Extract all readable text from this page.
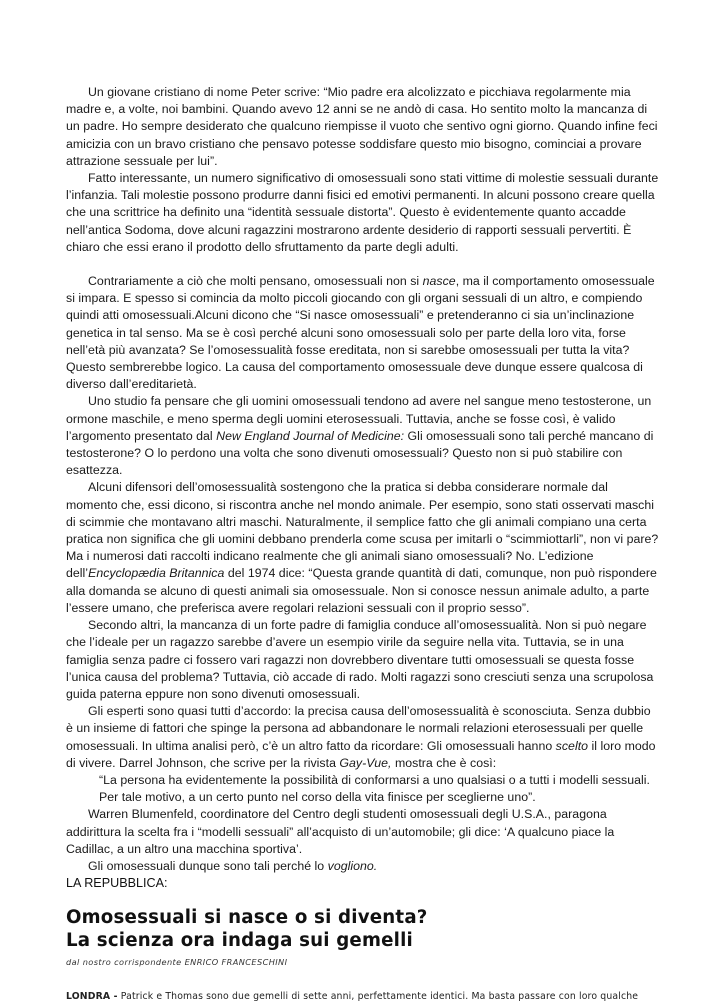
Un giovane cristiano di nome Peter scrive: “Mio padre era alcolizzato e picchiava regolarmente mia madre e, a volte, noi bambini. Quando avevo 12 anni se ne andò di casa. Ho sentito molto la mancanza di un padre. Ho sempre desiderato che qualcuno riempisse il vuoto che sentivo ogni giorno. Quando infine feci amicizia con un bravo cristiano che pensavo potesse soddisfare questo mio bisogno, cominciai a provare attrazione sessuale per lui”.

Fatto interessante, un numero significativo di omosessuali sono stati vittime di molestie sessuali durante l’infanzia. Tali molestie possono produrre danni fisici ed emotivi permanenti. In alcuni possono creare quella che una scrittrice ha definito una “identità sessuale distorta”. Questo è evidentemente quanto accadde nell’antica Sodoma, dove alcuni ragazzini mostrarono ardente desiderio di rapporti sessuali pervertiti. È chiaro che essi erano il prodotto dello sfruttamento da parte degli adulti.

Contrariamente a ciò che molti pensano, omosessuali non si nasce, ma il comportamento omosessuale si impara. E spesso si comincia da molto piccoli giocando con gli organi sessuali di un altro, e compiendo quindi atti omosessuali.Alcuni dicono che “Si nasce omosessuali” e pretenderanno ci sia un’inclinazione genetica in tal senso. Ma se è così perché alcuni sono omosessuali solo per parte della loro vita, forse nell’età più avanzata? Se l’omosessualità fosse ereditata, non si sarebbe omosessuali per tutta la vita? Questo sembrerebbe logico. La causa del comportamento omosessuale deve dunque essere qualcosa di diverso dall’ereditarietà.

Uno studio fa pensare che gli uomini omosessuali tendono ad avere nel sangue meno testosterone, un ormone maschile, e meno sperma degli uomini eterosessuali. Tuttavia, anche se fosse così, è valido l’argomento presentato dal New England Journal of Medicine: Gli omosessuali sono tali perché mancano di testosterone? O lo perdono una volta che sono divenuti omosessuali? Questo non si può stabilire con esattezza.

Alcuni difensori dell’omosessualità sostengono che la pratica si debba considerare normale dal momento che, essi dicono, si riscontra anche nel mondo animale. Per esempio, sono stati osservati maschi di scimmie che montavano altri maschi. Naturalmente, il semplice fatto che gli animali compiano una certa pratica non significa che gli uomini debbano prenderla come scusa per imitarli o “scimmiottarli”, non vi pare? Ma i numerosi dati raccolti indicano realmente che gli animali siano omosessuali? No. L’edizione dell’Encyclopædia Britannica del 1974 dice: “Questa grande quantità di dati, comunque, non può rispondere alla domanda se alcuno di questi animali sia omosessuale. Non si conosce nessun animale adulto, a parte l’essere umano, che preferisca avere regolari relazioni sessuali con il proprio sesso”.

Secondo altri, la mancanza di un forte padre di famiglia conduce all’omosessualità. Non si può negare che l’ideale per un ragazzo sarebbe d’avere un esempio virile da seguire nella vita. Tuttavia, se in una famiglia senza padre ci fossero vari ragazzi non dovrebbero diventare tutti omosessuali se questa fosse l’unica causa del problema? Tuttavia, ciò accade di rado. Molti ragazzi sono cresciuti senza una scrupolosa guida paterna eppure non sono divenuti omosessuali.

Gli esperti sono quasi tutti d’accordo: la precisa causa dell’omosessualità è sconosciuta. Senza dubbio è un insieme di fattori che spinge la persona ad abbandonare le normali relazioni eterosessuali per quelle omosessuali. In ultima analisi però, c’è un altro fatto da ricordare: Gli omosessuali hanno scelto il loro modo di vivere. Darrel Johnson, che scrive per la rivista Gay-Vue, mostra che è così:

“La persona ha evidentemente la possibilità di conformarsi a uno qualsiasi o a tutti i modelli sessuali. Per tale motivo, a un certo punto nel corso della vita finisce per sceglierne uno”.

Warren Blumenfeld, coordinatore del Centro degli studenti omosessuali degli U.S.A., paragona addirittura la scelta fra i “modelli sessuali” all’acquisto di un’automobile; gli dice: ‘A qualcuno piace la Cadillac, a un altro una macchina sportiva’.

Gli omosessuali dunque sono tali perché lo vogliono.

LA REPUBBLICA:
Omosessuali si nasce o si diventa?
La scienza ora indaga sui gemelli
dal nostro corrispondente ENRICO FRANCESCHINI
LONDRA - Patrick e Thomas sono due gemelli di sette anni, perfettamente identici. Ma basta passare con loro qualche
